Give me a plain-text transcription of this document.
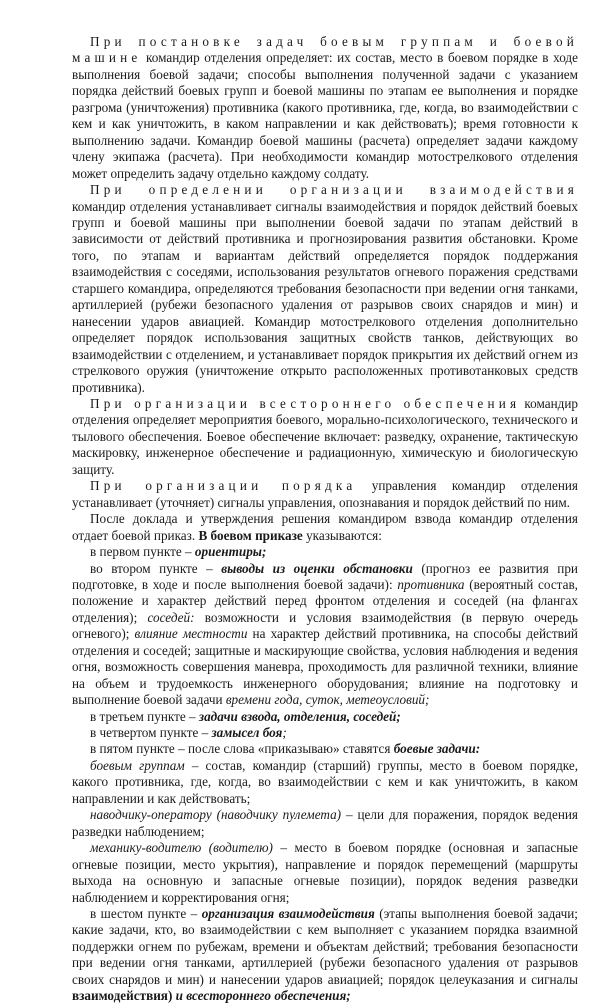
При постановке задач боевым группам и боевой машине командир отделения определяет: их состав, место в боевом порядке в ходе выполнения боевой задачи; способы выполнения полученной задачи с указанием порядка действий боевых групп и боевой машины по этапам ее выполнения и порядке разгрома (уничтожения) противника (какого противника, где, когда, во взаимодействии с кем и как уничтожить, в каком направлении и как действовать); время готовности к выполнению задачи. Командир боевой машины (расчета) определяет задачи каждому члену экипажа (расчета). При необходимости командир мотострелкового отделения может определить задачу отдельно каждому солдату.

При определении организации взаимодействия командир отделения устанавливает сигналы взаимодействия и порядок действий боевых групп и боевой машины при выполнении боевой задачи по этапам действий в зависимости от действий противника и прогнозирования развития обстановки. Кроме того, по этапам и вариантам действий определяется порядок поддержания взаимодействия с соседями, использования результатов огневого поражения средствами старшего командира, определяются требования безопасности при ведении огня танками, артиллерией (рубежи безопасного удаления от разрывов своих снарядов и мин) и нанесении ударов авиацией. Командир мотострелкового отделения дополнительно определяет порядок использования защитных свойств танков, действующих во взаимодействии с отделением, и устанавливает порядок прикрытия их действий огнем из стрелкового оружия (уничтожение открыто расположенных противотанковых средств противника).

При организации всестороннего обеспечения командир отделения определяет мероприятия боевого, морально-психологического, технического и тылового обеспечения. Боевое обеспечение включает: разведку, охранение, тактическую маскировку, инженерное обеспечение и радиационную, химическую и биологическую защиту.

При организации порядка управления командир отделения устанавливает (уточняет) сигналы управления, опознавания и порядок действий по ним.

После доклада и утверждения решения командиром взвода командир отделения отдает боевой приказ. В боевом приказе указываются:

в первом пункте – ориентиры;

во втором пункте – выводы из оценки обстановки (прогноз ее развития при подготовке, в ходе и после выполнения боевой задачи): противника (вероятный состав, положение и характер действий перед фронтом отделения и соседей (на флангах отделения); соседей: возможности и условия взаимодействия (в первую очередь огневого); влияние местности на характер действий противника, на способы действий отделения и соседей; защитные и маскирующие свойства, условия наблюдения и ведения огня, возможность совершения маневра, проходимость для различной техники, влияние на объем и трудоемкость инженерного оборудования; влияние на подготовку и выполнение боевой задачи времени года, суток, метеоусловий;

в третьем пункте – задачи взвода, отделения, соседей;

в четвертом пункте – замысел боя;

в пятом пункте – после слова «приказываю» ставятся боевые задачи:

боевым группам – состав, командир (старший) группы, место в боевом порядке, какого противника, где, когда, во взаимодействии с кем и как уничтожить, в каком направлении и как действовать;

наводчику-оператору (наводчику пулемета) – цели для поражения, порядок ведения разведки наблюдением;

механику-водителю (водителю) – место в боевом порядке (основная и запасные огневые позиции, место укрытия), направление и порядок перемещений (маршруты выхода на основную и запасные огневые позиции), порядок ведения разведки наблюдением и корректирования огня;

в шестом пункте – организация взаимодействия (этапы выполнения боевой задачи; какие задачи, кто, во взаимодействии с кем выполняет с указанием порядка взаимной поддержки огнем по рубежам, времени и объектам действий; требования безопасности при ведении огня танками, артиллерией (рубежи безопасного удаления от разрывов своих снарядов и мин) и нанесении ударов авиацией; порядок целеуказания и сигналы взаимодействия) и всестороннего обеспечения;
